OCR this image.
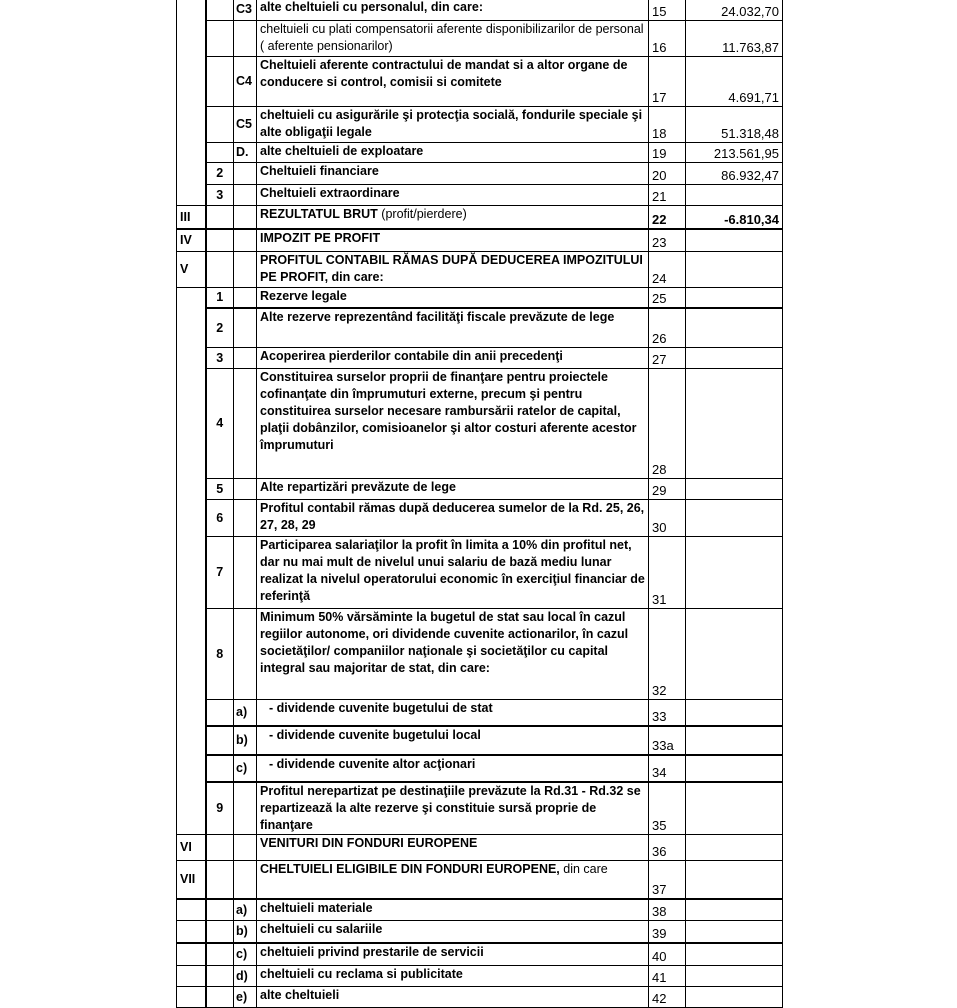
		C3	alte cheltuieli cu personalul, din care:	15	24.032,70
			cheltuieli cu plati compensatorii aferente disponibilizarilor de personal ( aferente pensionarilor)	16	11.763,87
		C4	Cheltuieli aferente contractului de mandat si a altor organe de conducere si control, comisii si comitete	17	4.691,71
		C5	cheltuieli cu asigurările şi protecţia socială, fondurile speciale şi alte obligaţii legale	18	51.318,48
		D.	alte cheltuieli de exploatare	19	213.561,95
	2		Cheltuieli financiare	20	86.932,47
	3		Cheltuieli extraordinare	21	
III			REZULTATUL BRUT (profit/pierdere)	22	-6.810,34
IV			IMPOZIT PE PROFIT	23	
V			PROFITUL CONTABIL RĂMAS DUPĂ DEDUCEREA IMPOZITULUI PE PROFIT, din care:	24	
	1		Rezerve legale	25	
	2		Alte rezerve reprezentând facilităţi fiscale prevăzute de lege	26	
	3		Acoperirea pierderilor contabile din anii precedenţi	27	
	4		Constituirea surselor proprii de finanţare pentru proiectele cofinanţate din împrumuturi externe, precum şi pentru constituirea surselor necesare rambursării ratelor de capital, plaţii dobânzilor, comisioanelor şi altor costuri aferente acestor împrumuturi	28	
	5		Alte repartizări prevăzute de lege	29	
	6		Profitul contabil rămas după deducerea sumelor de la Rd. 25, 26, 27, 28, 29	30	
	7		Participarea salariaţilor la profit în limita a 10% din profitul net, dar nu mai mult de nivelul unui salariu de bază mediu lunar realizat la nivelul operatorului economic în exerciţiul financiar de referinţă	31	
	8		Minimum 50% vărsăminte la bugetul de stat sau local în cazul regiilor autonome, ori dividende cuvenite actionarilor, în cazul societăţilor/ companiilor naţionale şi societăţilor cu capital integral sau majoritar de stat, din care:	32	
		a)	- dividende cuvenite bugetului de stat	33	
		b)	- dividende cuvenite bugetului local	33a	
		c)	- dividende cuvenite altor acţionari	34	
	9		Profitul nerepartizat pe destinaţiile prevăzute la Rd.31 - Rd.32 se repartizează la alte rezerve şi constituie sursă proprie de finanţare	35	
VI			VENITURI DIN FONDURI EUROPENE	36	
VII			CHELTUIELI ELIGIBILE DIN FONDURI EUROPENE, din care	37	
		a)	cheltuieli materiale	38	
		b)	cheltuieli cu salariile	39	
		c)	cheltuieli privind prestarile de servicii	40	
		d)	cheltuieli cu reclama si publicitate	41	
		e)	alte cheltuieli	42	
